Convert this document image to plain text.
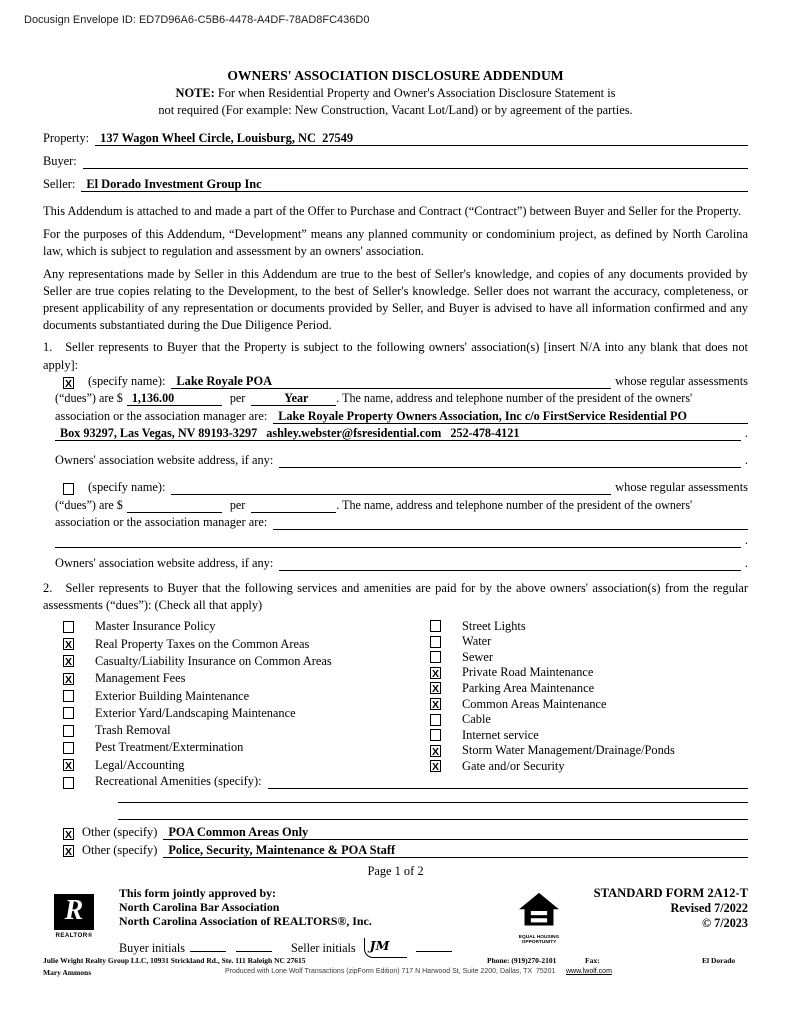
Docusign Envelope ID: ED7D96A6-C5B6-4478-A4DF-78AD8FC436D0
OWNERS' ASSOCIATION DISCLOSURE ADDENDUM
NOTE: For when Residential Property and Owner's Association Disclosure Statement is
not required (For example: New Construction, Vacant Lot/Land) or by agreement of the parties.
Property: 137 Wagon Wheel Circle, Louisburg, NC  27549
Buyer:
Seller: El Dorado Investment Group Inc

This Addendum is attached to and made a part of the Offer to Purchase and Contract (“Contract”) between Buyer and Seller for the Property.

For the purposes of this Addendum, “Development” means any planned community or condominium project, as defined by North Carolina law, which is subject to regulation and assessment by an owners' association.

Any representations made by Seller in this Addendum are true to the best of Seller's knowledge, and copies of any documents provided by Seller are true copies relating to the Development, to the best of Seller's knowledge. Seller does not warrant the accuracy, completeness, or present applicability of any representation or documents provided by Seller, and Buyer is advised to have all information confirmed and any documents substantiated during the Due Diligence Period.

1. Seller represents to Buyer that the Property is subject to the following owners' association(s) [insert N/A into any blank that does not apply]:

X (specify name): Lake Royale POA	whose regular assessments
(“dues”) are $ 1,136.00	per	Year	. The name, address and telephone number of the president of the owners'
association or the association manager are: Lake Royale Property Owners Association, Inc c/o FirstService Residential PO
Box 93297, Las Vegas, NV 89193-3297   ashley.webster@fsresidential.com   252-478-4121	.
Owners' association website address, if any:	.
(specify name):	whose regular assessments
(“dues”) are $	per	. The name, address and telephone number of the president of the owners'
association or the association manager are:
.
Owners' association website address, if any:	.

2. Seller represents to Buyer that the following services and amenities are paid for by the above owners' association(s) from the regular assessments (“dues”): (Check all that apply)

Master Insurance Policy
X Real Property Taxes on the Common Areas
X Casualty/Liability Insurance on Common Areas
X Management Fees
Exterior Building Maintenance
Exterior Yard/Landscaping Maintenance
Trash Removal
Pest Treatment/Extermination
X Legal/Accounting
Street Lights
Water
Sewer
X Private Road Maintenance
X Parking Area Maintenance
X Common Areas Maintenance
Cable
Internet service
X Storm Water Management/Drainage/Ponds
X Gate and/or Security
Recreational Amenities (specify):
X Other (specify) POA Common Areas Only
X Other (specify) Police, Security, Maintenance & POA Staff
Page 1 of 2
R
REALTOR®
This form jointly approved by:
North Carolina Bar Association
North Carolina Association of REALTORS®, Inc.
Buyer initials	Seller initials	JM
EQUAL HOUSING OPPORTUNITY
STANDARD FORM 2A12-T
Revised 7/2022
© 7/2023
Julie Wright Realty Group LLC, 10931 Strickland Rd., Ste. 111 Raleigh NC 27615	Phone: (919)270-2101	Fax:	El Dorado
Mary Ammons	Produced with Lone Wolf Transactions (zipForm Edition) 717 N Harwood St, Suite 2200, Dallas, TX  75201 www.lwolf.com
